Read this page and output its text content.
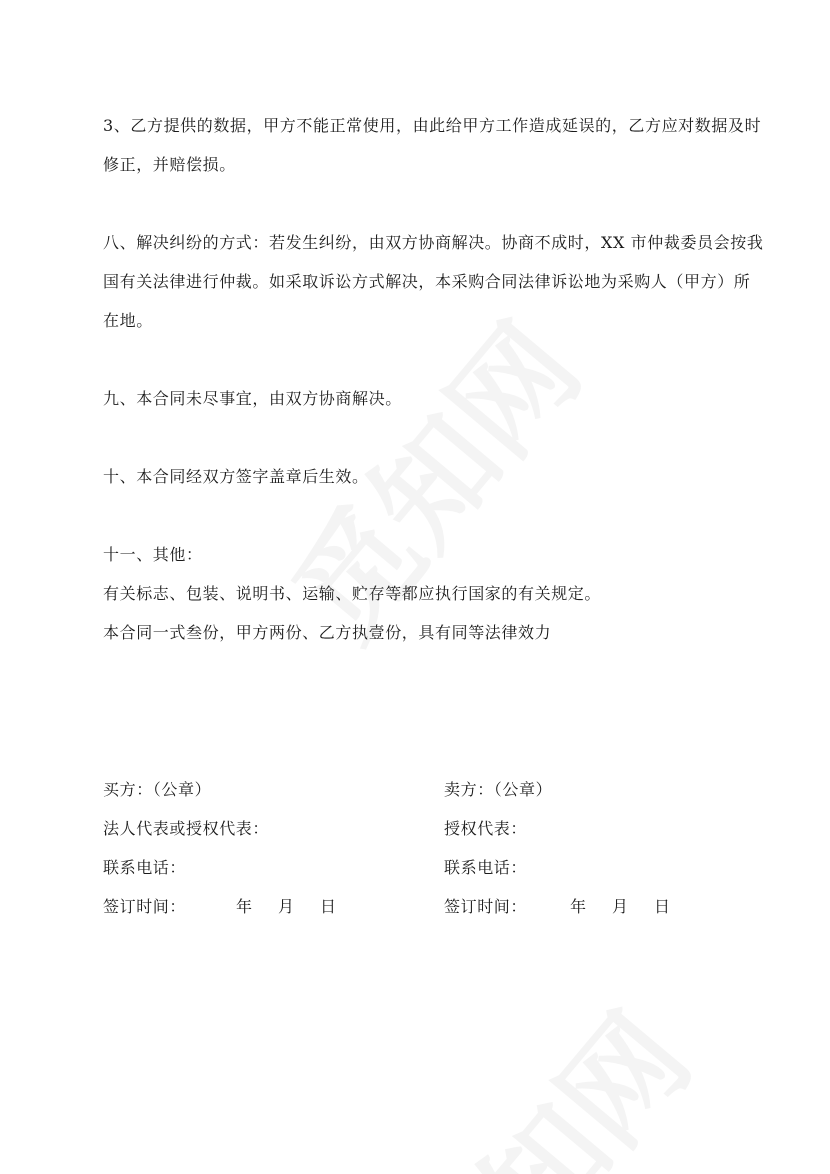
3、乙方提供的数据，甲方不能正常使用，由此给甲方工作造成延误的，乙方应对数据及时
修正，并赔偿损。
八、解决纠纷的方式：若发生纠纷，由双方协商解决。协商不成时，XX 市仲裁委员会按我
国有关法律进行仲裁。如采取诉讼方式解决，本采购合同法律诉讼地为采购人（甲方）所
在地。
九、本合同未尽事宜，由双方协商解决。
十、本合同经双方签字盖章后生效。
十一、其他：
有关标志、包装、说明书、运输、贮存等都应执行国家的有关规定。
本合同一式叁份，甲方两份、乙方执壹份，具有同等法律效力
买方：（公章）
法人代表或授权代表：
联系电话：
签订时间：	年 月 日
卖方：（公章）
授权代表：
联系电话：
签订时间：	年 月 日
